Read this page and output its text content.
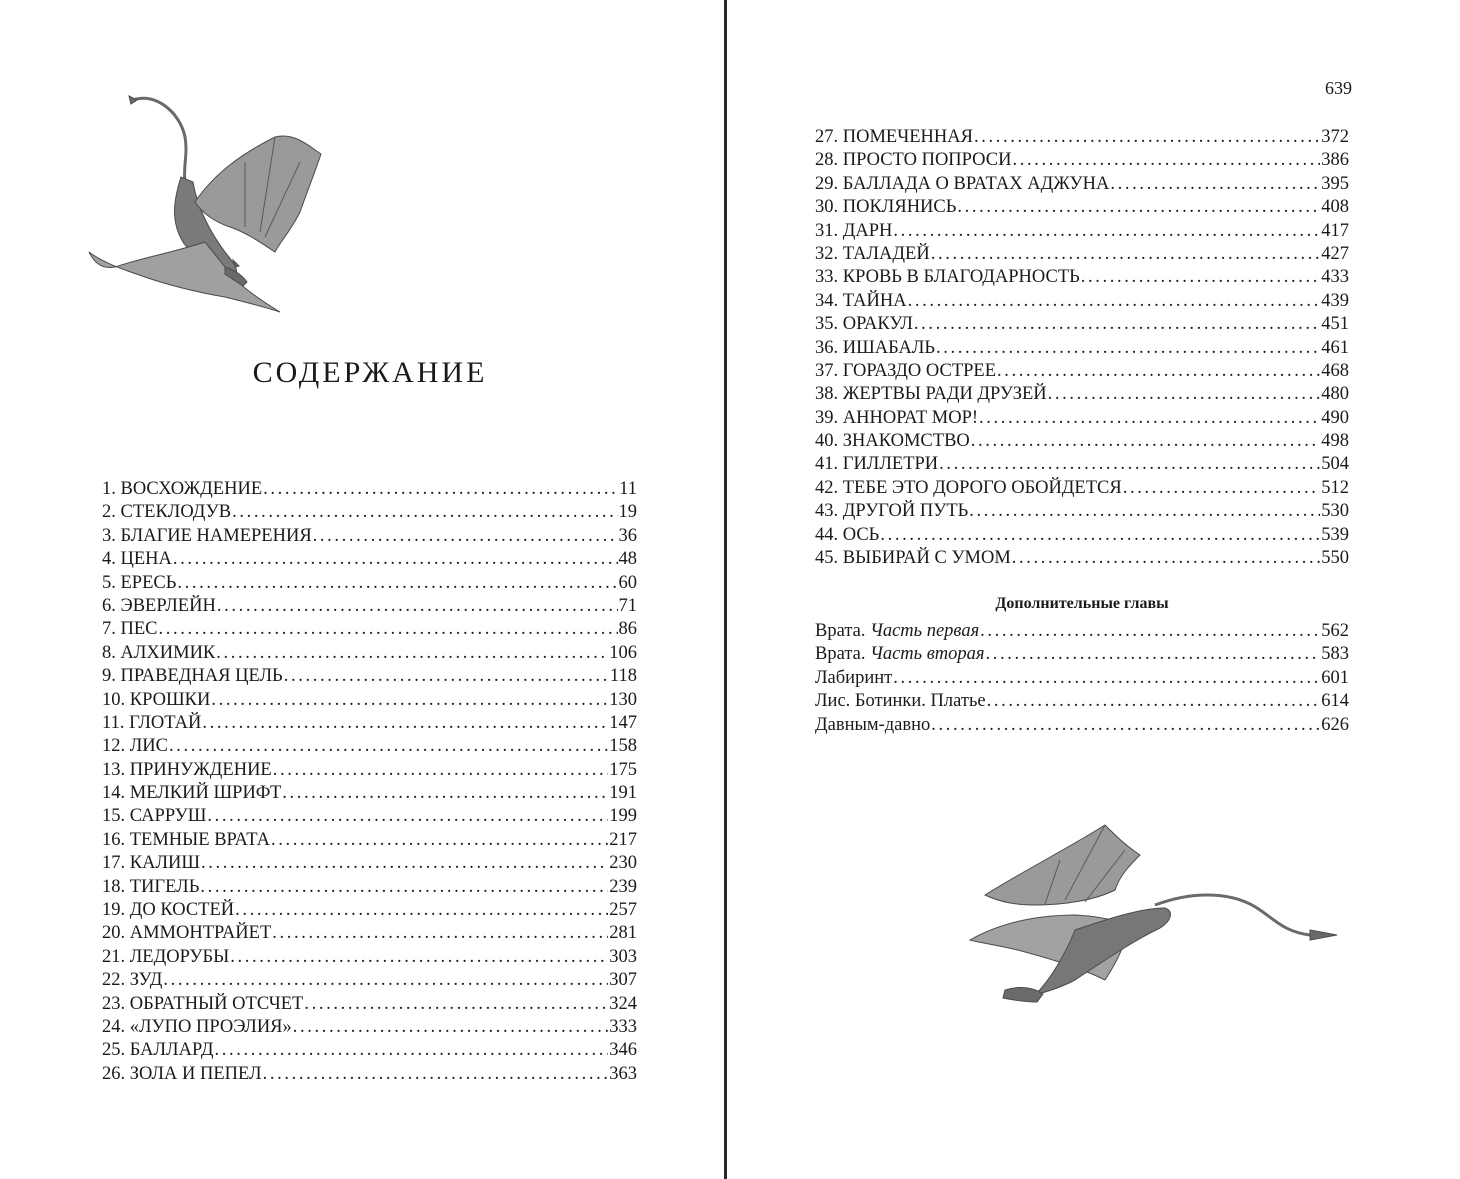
639
СОДЕРЖАНИЕ
1. ВОСХОЖДЕНИЕ . . .	11
2. СТЕКЛОДУВ . . .	19
3. БЛАГИЕ НАМЕРЕНИЯ . . .	36
4. ЦЕНА . . .	48
5. ЕРЕСЬ . . .	60
6. ЭВЕРЛЕЙН . . .	71
7. ПЕС . . .	86
8. АЛХИМИК . . .	106
9. ПРАВЕДНАЯ ЦЕЛЬ . . .	118
10. КРОШКИ . . .	130
11. ГЛОТАЙ . . .	147
12. ЛИС . . .	158
13. ПРИНУЖДЕНИЕ . . .	175
14. МЕЛКИЙ ШРИФТ . . .	191
15. САРРУШ . . .	199
16. ТЕМНЫЕ ВРАТА . . .	217
17. КАЛИШ . . .	230
18. ТИГЕЛЬ . . .	239
19. ДО КОСТЕЙ . . .	257
20. АММОНТРАЙЕТ . . .	281
21. ЛЕДОРУБЫ . . .	303
22. ЗУД . . .	307
23. ОБРАТНЫЙ ОТСЧЕТ . . .	324
24. «ЛУПО ПРОЭЛИЯ» . . .	333
25. БАЛЛАРД . . .	346
26. ЗОЛА И ПЕПЕЛ . . .	363
27. ПОМЕЧЕННАЯ . . .	372
28. ПРОСТО ПОПРОСИ . . .	386
29. БАЛЛАДА О ВРАТАХ АДЖУНА . . .	395
30. ПОКЛЯНИСЬ . . .	408
31. ДАРН . . .	417
32. ТАЛАДЕЙ . . .	427
33. КРОВЬ В БЛАГОДАРНОСТЬ . . .	433
34. ТАЙНА . . .	439
35. ОРАКУЛ . . .	451
36. ИШАБАЛЬ . . .	461
37. ГОРАЗДО ОСТРЕЕ . . .	468
38. ЖЕРТВЫ РАДИ ДРУЗЕЙ . . .	480
39. АННОРАТ МОР! . . .	490
40. ЗНАКОМСТВО . . .	498
41. ГИЛЛЕТРИ . . .	504
42. ТЕБЕ ЭТО ДОРОГО ОБОЙДЕТСЯ . . .	512
43. ДРУГОЙ ПУТЬ . . .	530
44. ОСЬ . . .	539
45. ВЫБИРАЙ С УМОМ . . .	550
Дополнительные главы
Врата. Часть первая . . .	562
Врата. Часть вторая . . .	583
Лабиринт . . .	601
Лис. Ботинки. Платье . . .	614
Давным-давно . . .	626
